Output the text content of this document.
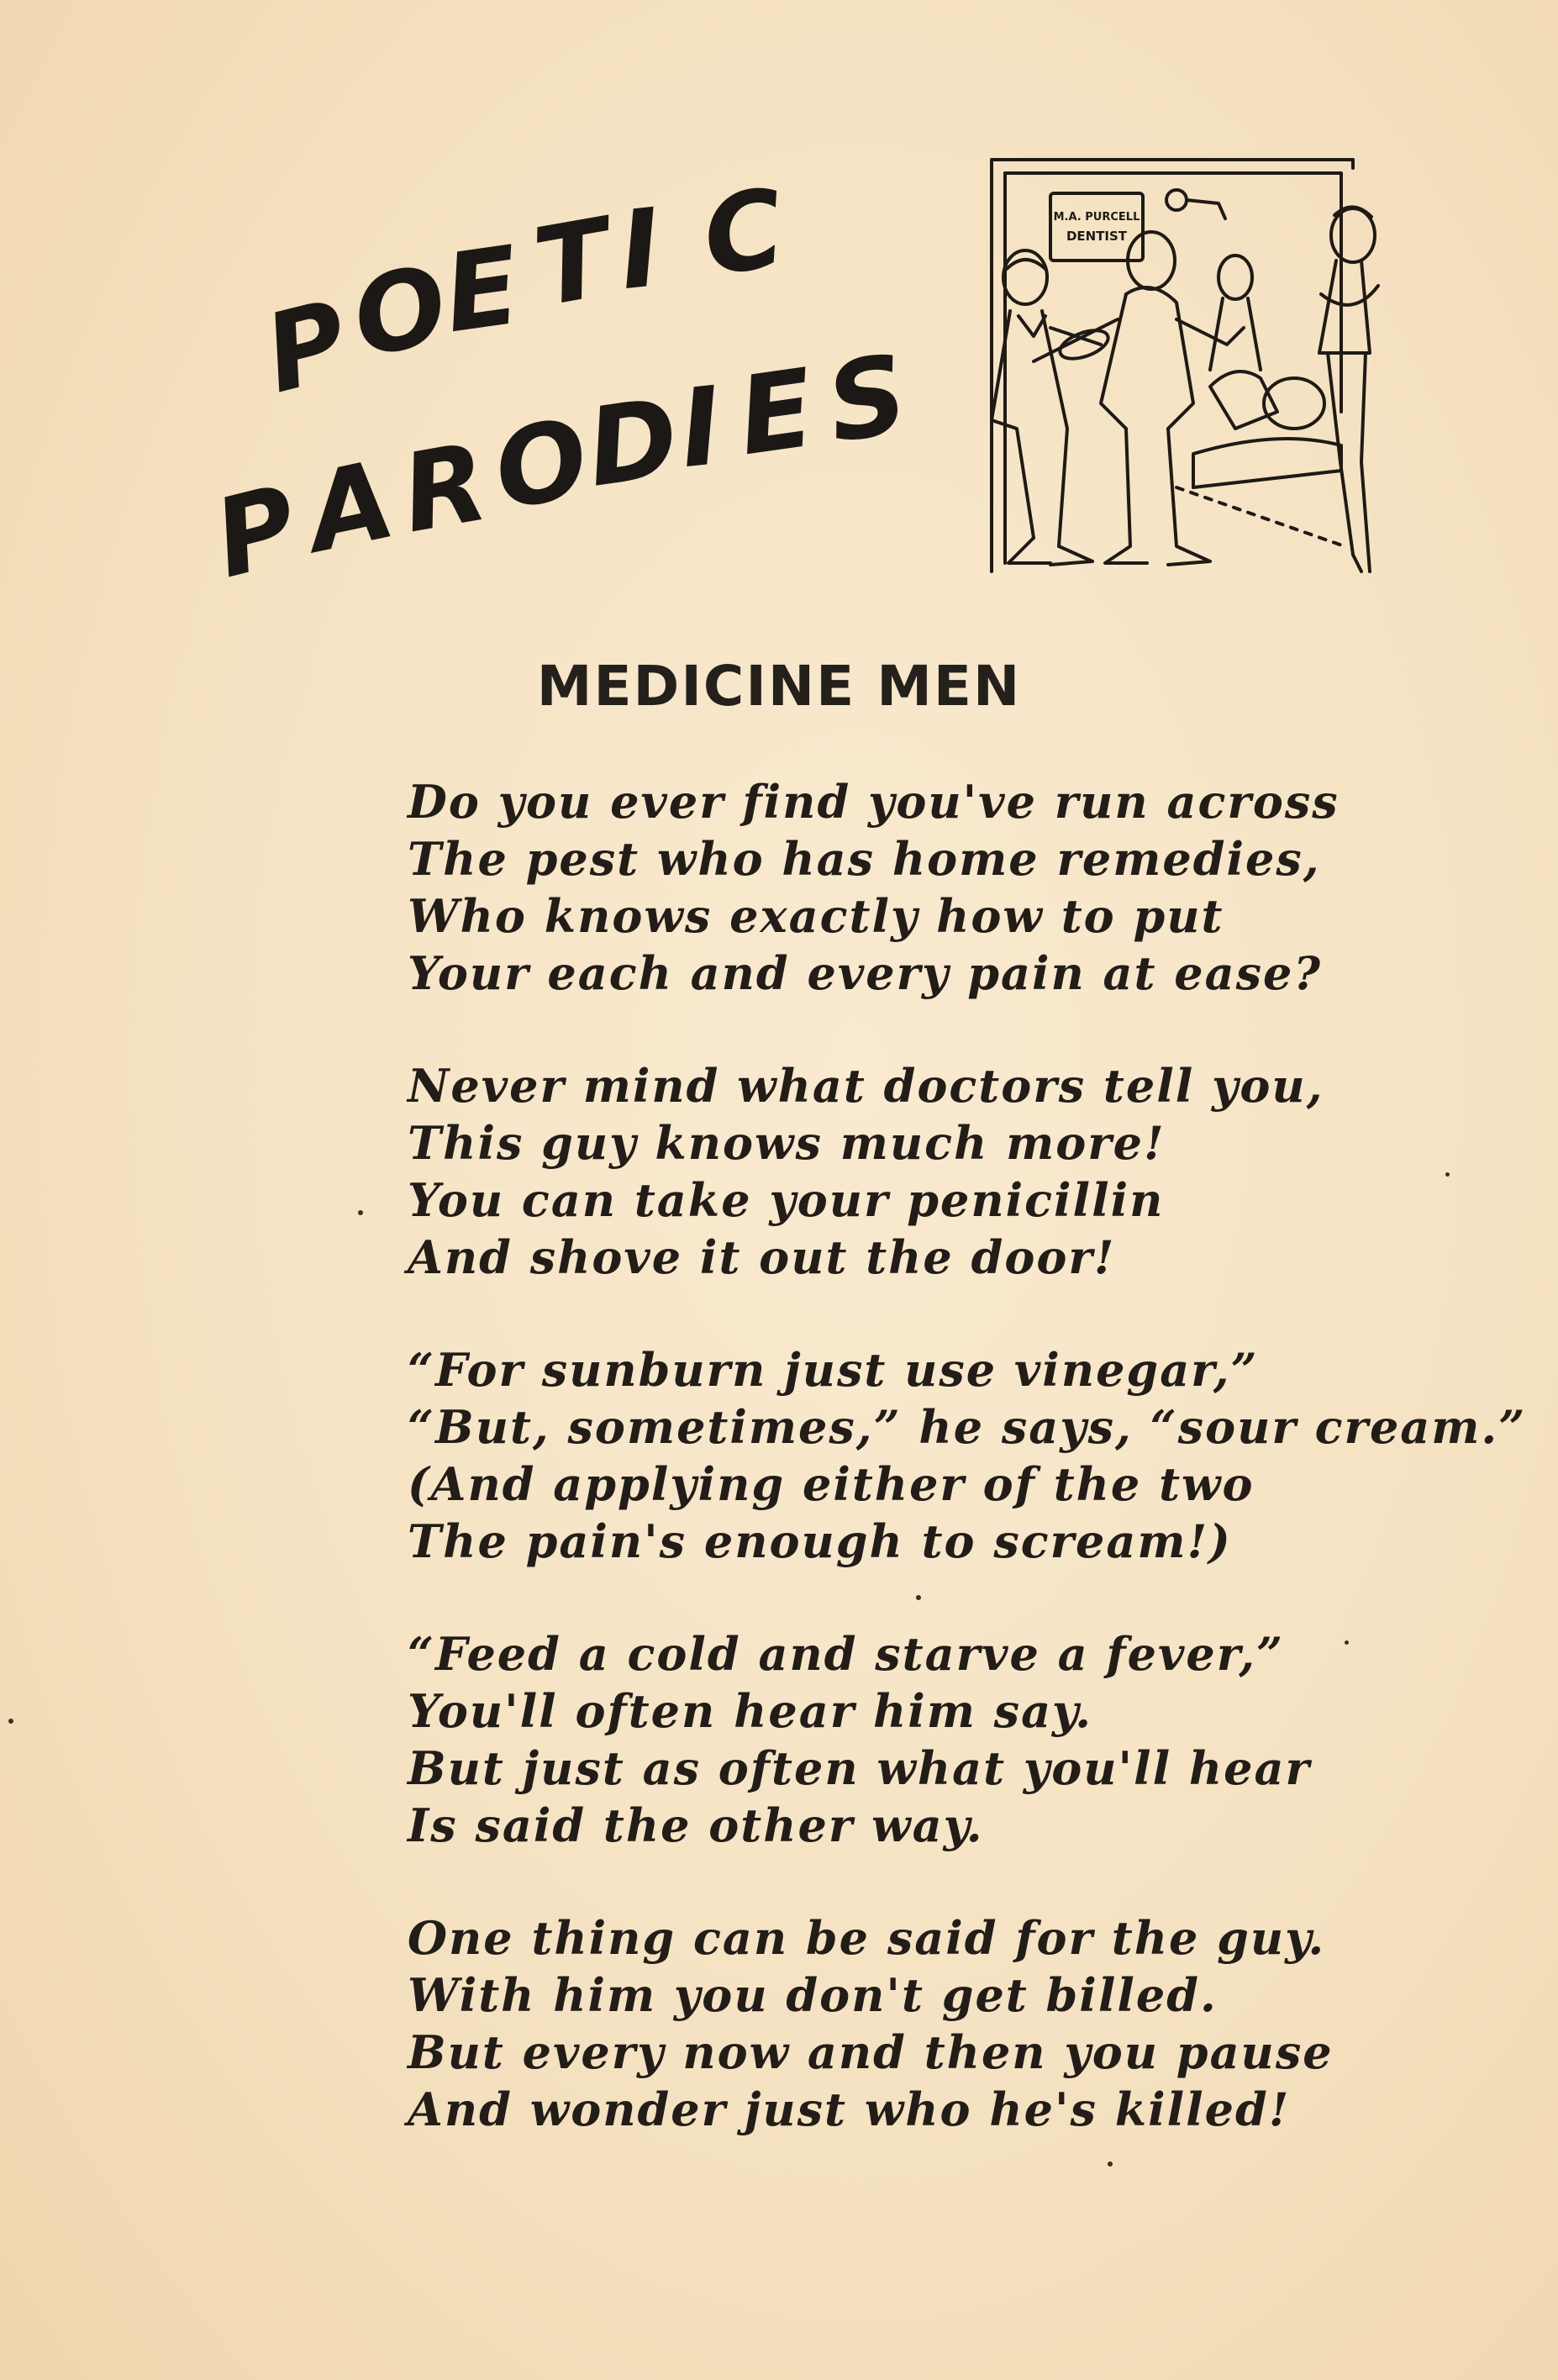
P
O
E
T
I C
P
A
R
O
D
I E
S
M.A. PURCELL
DENTIST
MEDICINE MEN
Do you ever find you've run across
The pest who has home remedies,
Who knows exactly how to put
Your each and every pain at ease?
Never mind what doctors tell you,
This guy knows much more!
You can take your penicillin
And shove it out the door!
“For sunburn just use vinegar,”
“But, sometimes,” he says, “sour cream.”
(And applying either of the two
The pain's enough to scream!)
“Feed a cold and starve a fever,”
You'll often hear him say.
But just as often what you'll hear
Is said the other way.
One thing can be said for the guy.
With him you don't get billed.
But every now and then you pause
And wonder just who he's killed!
